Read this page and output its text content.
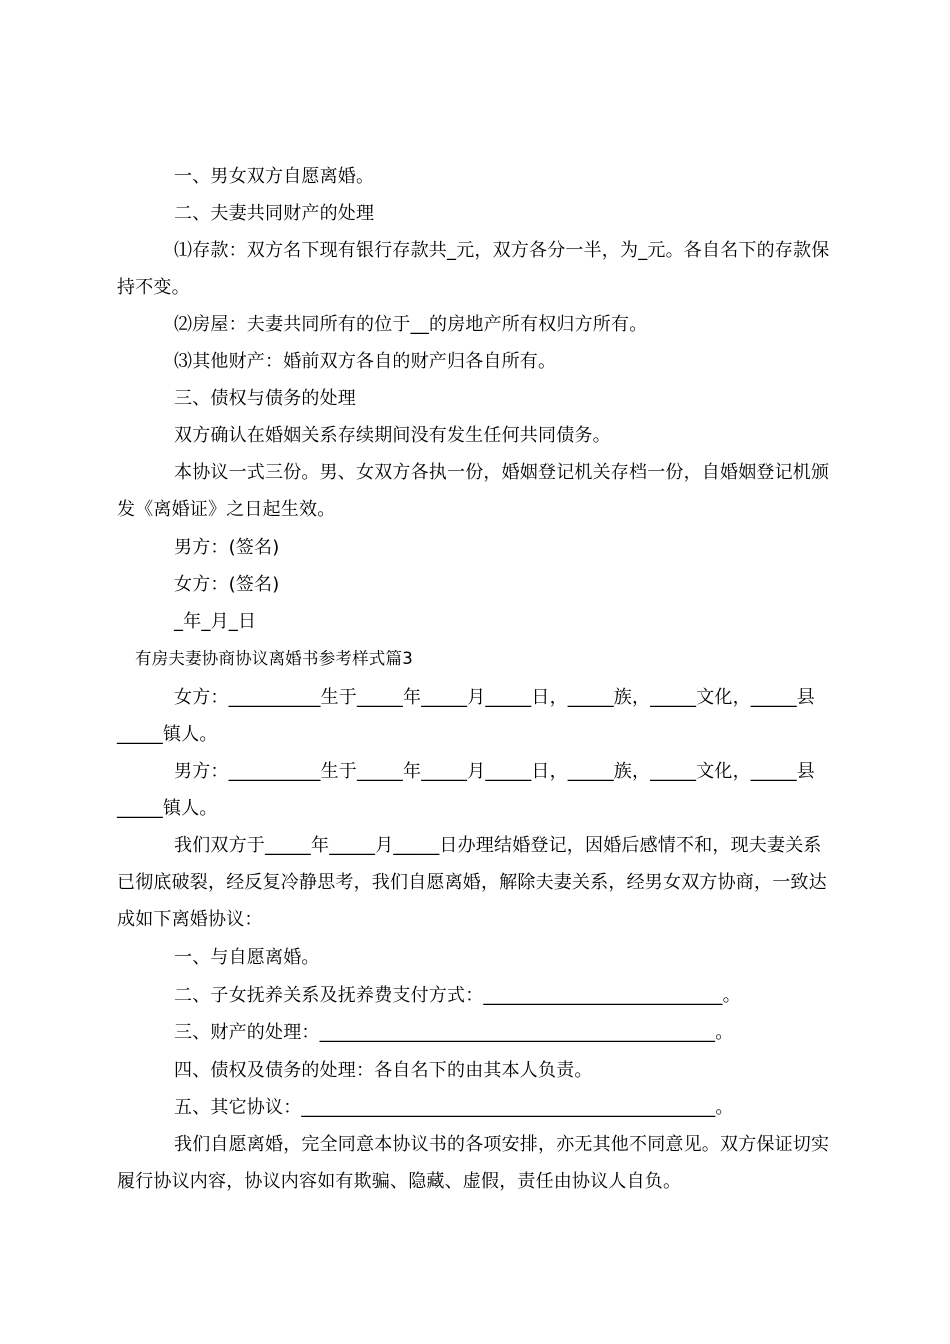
一、男女双方自愿离婚。

二、夫妻共同财产的处理

⑴存款：双方名下现有银行存款共_元，双方各分一半，为_元。各自名下的存款保持不变。

⑵房屋：夫妻共同所有的位于__的房地产所有权归方所有。

⑶其他财产：婚前双方各自的财产归各自所有。

三、债权与债务的处理

双方确认在婚姻关系存续期间没有发生任何共同债务。

本协议一式三份。男、女双方各执一份，婚姻登记机关存档一份，自婚姻登记机颁发《离婚证》之日起生效。

男方：(签名)

女方：(签名)

_年_月_日

有房夫妻协商协议离婚书参考样式篇3

女方：__________生于_____年_____月_____日，_____族，_____文化，_____县_____镇人。

男方：__________生于_____年_____月_____日，_____族，_____文化，_____县_____镇人。

我们双方于_____年_____月_____日办理结婚登记，因婚后感情不和，现夫妻关系已彻底破裂，经反复冷静思考，我们自愿离婚，解除夫妻关系，经男女双方协商，一致达成如下离婚协议：

一、与自愿离婚。

二、子女抚养关系及抚养费支付方式：__________________________。

三、财产的处理：___________________________________________。

四、债权及债务的处理：各自名下的由其本人负责。

五、其它协议：_____________________________________________。

我们自愿离婚，完全同意本协议书的各项安排，亦无其他不同意见。双方保证切实履行协议内容，协议内容如有欺骗、隐藏、虚假，责任由协议人自负。
